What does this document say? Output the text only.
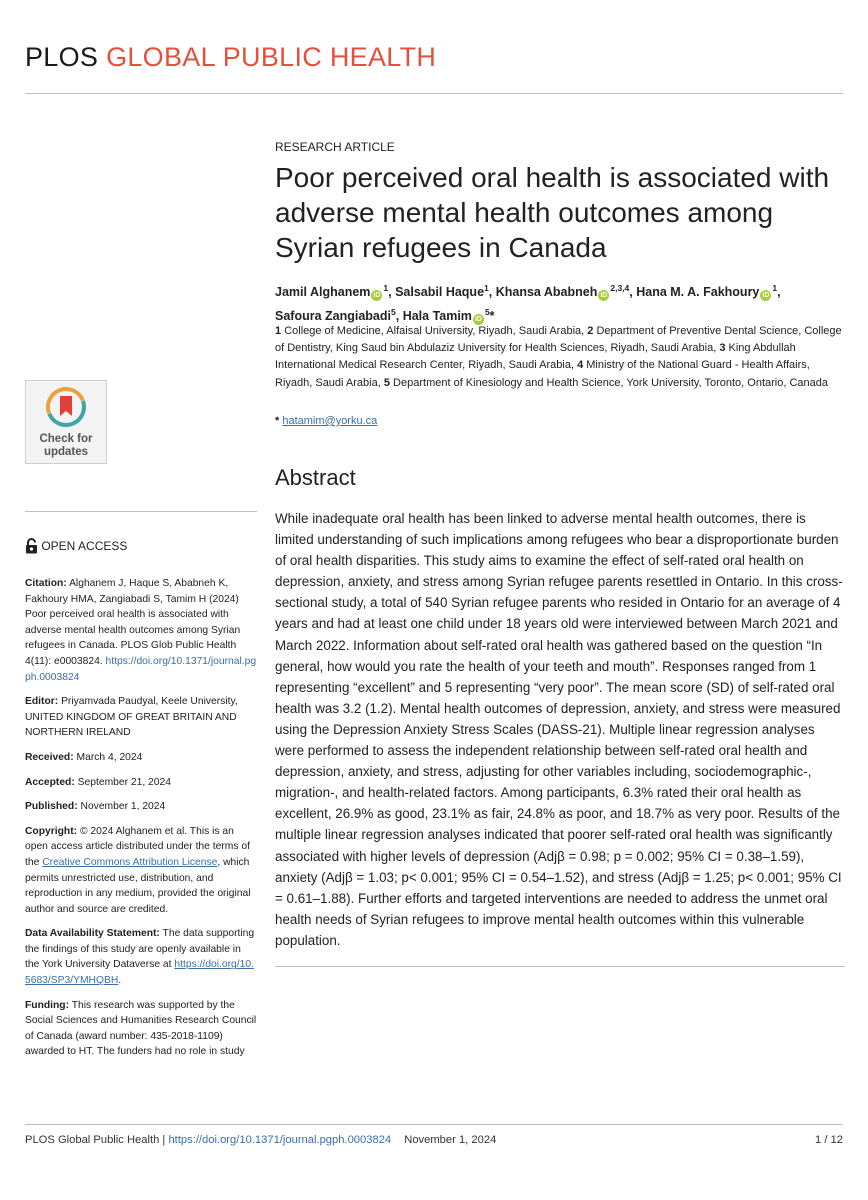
PLOS GLOBAL PUBLIC HEALTH
Check for
updates
OPEN ACCESS

Citation: Alghanem J, Haque S, Ababneh K, Fakhoury HMA, Zangiabadi S, Tamim H (2024) Poor perceived oral health is associated with adverse mental health outcomes among Syrian refugees in Canada. PLOS Glob Public Health 4(11): e0003824. https://doi.org/10.1371/journal.pgph.0003824

Editor: Priyamvada Paudyal, Keele University, UNITED KINGDOM OF GREAT BRITAIN AND NORTHERN IRELAND

Received: March 4, 2024

Accepted: September 21, 2024

Published: November 1, 2024

Copyright: © 2024 Alghanem et al. This is an open access article distributed under the terms of the Creative Commons Attribution License, which permits unrestricted use, distribution, and reproduction in any medium, provided the original author and source are credited.

Data Availability Statement: The data supporting the findings of this study are openly available in the York University Dataverse at https://doi.org/10.5683/SP3/YMHQBH.

Funding: This research was supported by the Social Sciences and Humanities Research Council of Canada (award number: 435-2018-1109) awarded to HT. The funders had no role in study

RESEARCH ARTICLE
Poor perceived oral health is associated with adverse mental health outcomes among Syrian refugees in Canada
Jamil Alghanem $iD^1$, Salsabil Haque$^1$, Khansa Ababneh iD$^{2,3,4}$, Hana M. A. Fakhoury $iD^1$,
Safoura Zangiabadi$^5$, Hala Tamim $iD^5*$
1 College of Medicine, Alfaisal University, Riyadh, Saudi Arabia, 2 Department of Preventive Dental Science, College of Dentistry, King Saud bin Abdulaziz University for Health Sciences, Riyadh, Saudi Arabia, 3 King Abdullah International Medical Research Center, Riyadh, Saudi Arabia, 4 Ministry of the National Guard - Health Affairs, Riyadh, Saudi Arabia, 5 Department of Kinesiology and Health Science, York University, Toronto, Ontario, Canada
* hatamim@yorku.ca
Abstract
While inadequate oral health has been linked to adverse mental health outcomes, there is limited understanding of such implications among refugees who bear a disproportionate burden of oral health disparities. This study aims to examine the effect of self-rated oral health on depression, anxiety, and stress among Syrian refugee parents resettled in Ontario. In this cross-sectional study, a total of 540 Syrian refugee parents who resided in Ontario for an average of 4 years and had at least one child under 18 years old were interviewed between March 2021 and March 2022. Information about self-rated oral health was gathered based on the question “In general, how would you rate the health of your teeth and mouth”. Responses ranged from 1 representing “excellent” and 5 representing “very poor”. The mean score (SD) of self-rated oral health was 3.2 (1.2). Mental health outcomes of depression, anxiety, and stress were measured using the Depression Anxiety Stress Scales (DASS-21). Multiple linear regression analyses were performed to assess the independent relationship between self-rated oral health and depression, anxiety, and stress, adjusting for other variables including, sociodemographic-, migration-, and health-related factors. Among participants, 6.3% rated their oral health as excellent, 26.9% as good, 23.1% as fair, 24.8% as poor, and 18.7% as very poor. Results of the multiple linear regression analyses indicated that poorer self-rated oral health was significantly associated with higher levels of depression (Adjβ = 0.98; p = 0.002; 95% CI = 0.38–1.59), anxiety (Adjβ = 1.03; p< 0.001; 95% CI = 0.54–1.52), and stress (Adjβ = 1.25; p< 0.001; 95% CI = 0.61–1.88). Further efforts and targeted interventions are needed to address the unmet oral health needs of Syrian refugees to improve mental health outcomes within this vulnerable population.
PLOS Global Public Health | https://doi.org/10.1371/journal.pgph.0003824 November 1, 2024	1 / 12
